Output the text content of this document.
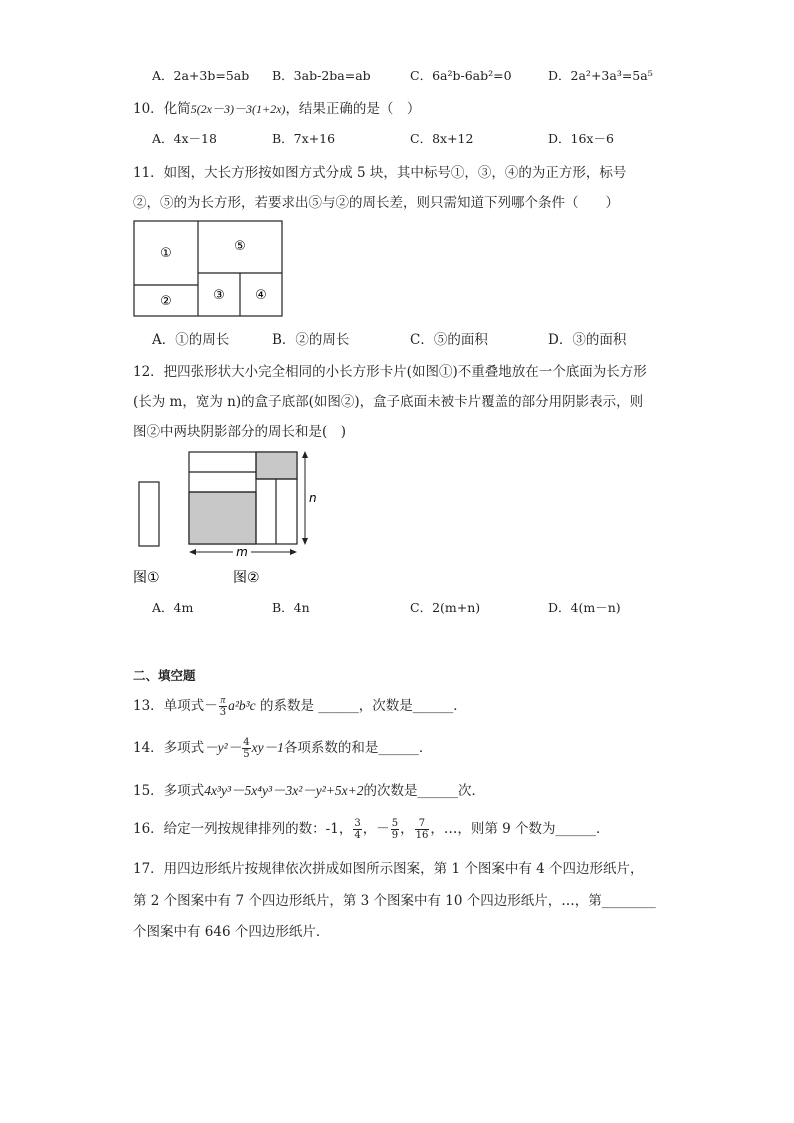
A．2a+3b=5ab B．3ab-2ba=ab	C．6a²b-6ab²=0	D．2a²+3a³=5a⁵
10．化简5(2x－3)－3(1+2x)，结果正确的是（　）
A．4x－18	B．7x+16	C．8x+12	D．16x－6
11．如图，大长方形按如图方式分成 5 块，其中标号①，③，④的为正方形，标号
②，⑤的为长方形，若要求出⑤与②的周长差，则只需知道下列哪个条件（　　）
①	⑤
②	③ ④
A．①的周长	B．②的周长	C．⑤的面积	D．③的面积
12．把四张形状大小完全相同的小长方形卡片(如图①)不重叠地放在一个底面为长方形
(长为 m，宽为 n)的盒子底部(如图②)，盒子底面未被卡片覆盖的部分用阴影表示，则
图②中两块阴影部分的周长和是(　)
n
m
图①	图②
A．4m	B．4n	C．2(m+n)	D．4(m－n)
二、填空题
13．单项式－ $\frac{\pi}{3} a^2b^3c$ 的系数是 ______，次数是______．
14．多项式$-y^2- \frac{4}{5} xy-1$各项系数的和是______．
15．多项式4x³y³－5x⁴y³－3x²－y²+5x+2的次数是______次．
16．给定一列按规律排列的数：-1， $\frac{3}{4}$ ，－ $\frac{5}{9}$ ， $\frac{7}{16}$ ，…，则第 9 个数为______．
17．用四边形纸片按规律依次拼成如图所示图案，第 1 个图案中有 4 个四边形纸片，
第 2 个图案中有 7 个四边形纸片，第 3 个图案中有 10 个四边形纸片，…，第________
个图案中有 646 个四边形纸片．
